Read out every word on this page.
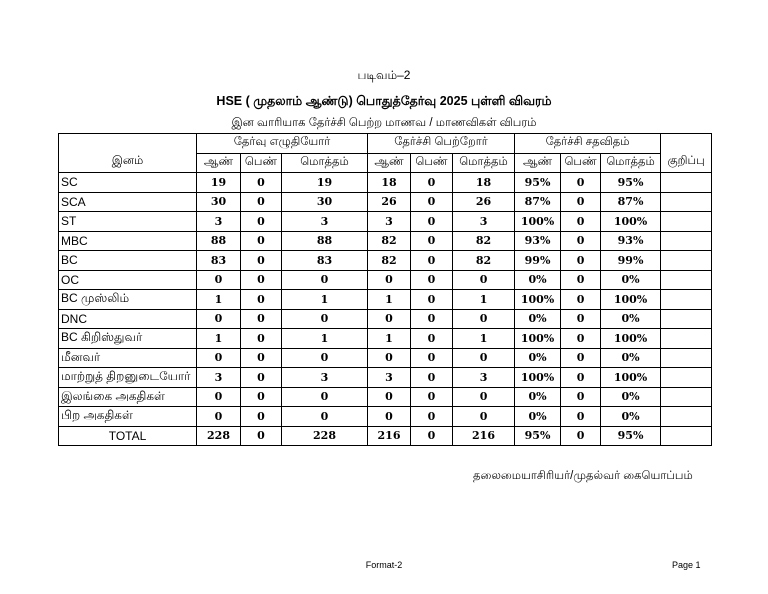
படிவம்–2
HSE ( முதலாம் ஆண்டு) பொதுத்தேர்வு 2025 புள்ளி விவரம்
இன வாரியாக தேர்ச்சி பெற்ற மாணவ / மாணவிகள் விபரம்
இனம்	தேர்வு எழுதியோர்			தேர்ச்சி பெற்றோர்			தேர்ச்சி சதவிதம்			குறிப்பு
	ஆண்	பெண்	மொத்தம்	ஆண்	பெண்	மொத்தம்	ஆண்	பெண்	மொத்தம்	
SC	19	0	19	18	0	18	95%	0	95%	
SCA	30	0	30	26	0	26	87%	0	87%	
ST	3	0	3	3	0	3	100%	0	100%	
MBC	88	0	88	82	0	82	93%	0	93%	
BC	83	0	83	82	0	82	99%	0	99%	
OC	0	0	0	0	0	0	0%	0	0%	
BC முஸ்லிம்	1	0	1	1	0	1	100%	0	100%	
DNC	0	0	0	0	0	0	0%	0	0%	
BC கிறிஸ்துவர்	1	0	1	1	0	1	100%	0	100%	
மீனவர்	0	0	0	0	0	0	0%	0	0%	
மாற்றுத் திறனுடையோர்	3	0	3	3	0	3	100%	0	100%	
இலங்கை அகதிகள்	0	0	0	0	0	0	0%	0	0%	
பிற அகதிகள்	0	0	0	0	0	0	0%	0	0%	
TOTAL	228	0	228	216	0	216	95%	0	95%	
தலைமையாசிரியர்/முதல்வர் கையொப்பம்
Format-2	Page 1
